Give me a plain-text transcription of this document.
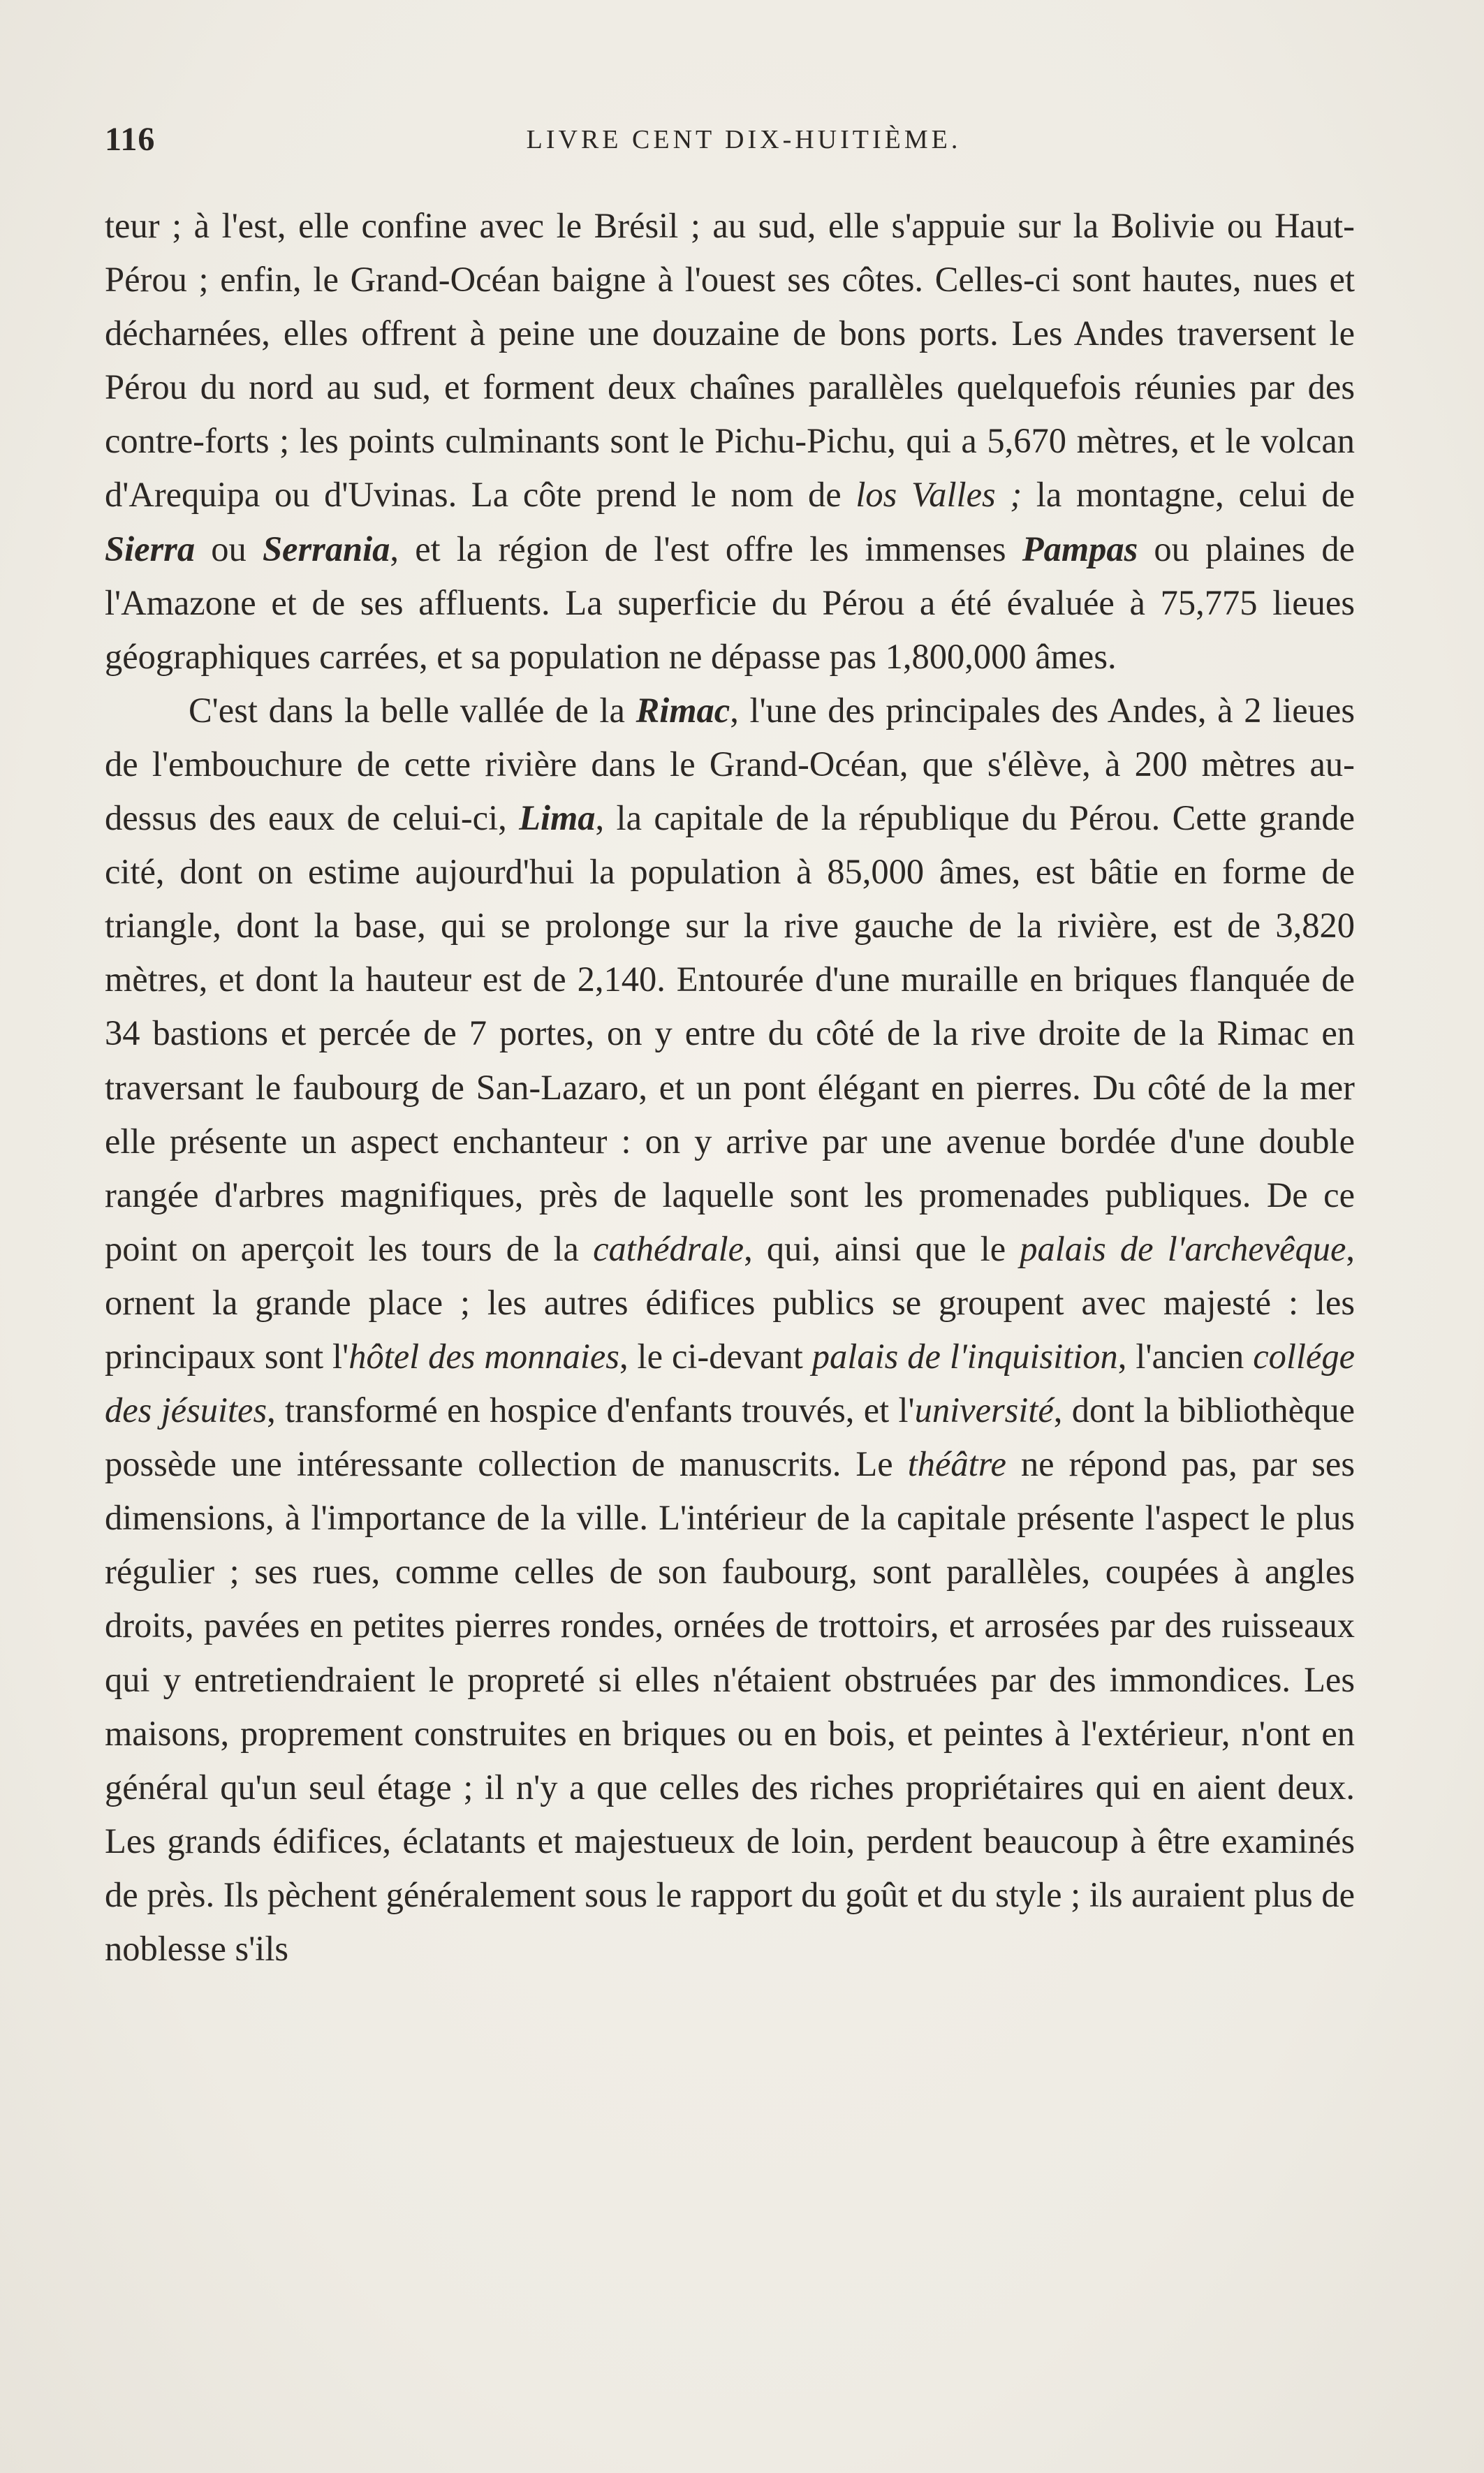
116	LIVRE CENT DIX-HUITIÈME.

teur ; à l'est, elle confine avec le Brésil ; au sud, elle s'appuie sur la Bolivie ou Haut-Pérou ; enfin, le Grand-Océan baigne à l'ouest ses côtes. Celles-ci sont hautes, nues et décharnées, elles offrent à peine une douzaine de bons ports. Les Andes traversent le Pérou du nord au sud, et forment deux chaînes parallèles quelquefois réunies par des contre-forts ; les points culminants sont le Pichu-Pichu, qui a 5,670 mètres, et le volcan d'Arequipa ou d'Uvinas. La côte prend le nom de los Valles ; la montagne, celui de Sierra ou Serrania, et la région de l'est offre les immenses Pampas ou plaines de l'Amazone et de ses affluents. La superficie du Pérou a été évaluée à 75,775 lieues géographiques carrées, et sa population ne dépasse pas 1,800,000 âmes.

C'est dans la belle vallée de la Rimac, l'une des principales des Andes, à 2 lieues de l'embouchure de cette rivière dans le Grand-Océan, que s'élève, à 200 mètres au-dessus des eaux de celui-ci, Lima, la capitale de la république du Pérou. Cette grande cité, dont on estime aujourd'hui la population à 85,000 âmes, est bâtie en forme de triangle, dont la base, qui se prolonge sur la rive gauche de la rivière, est de 3,820 mètres, et dont la hauteur est de 2,140. Entourée d'une muraille en briques flanquée de 34 bastions et percée de 7 portes, on y entre du côté de la rive droite de la Rimac en traversant le faubourg de San-Lazaro, et un pont élégant en pierres. Du côté de la mer elle présente un aspect enchanteur : on y arrive par une avenue bordée d'une double rangée d'arbres magnifiques, près de laquelle sont les promenades publiques. De ce point on aperçoit les tours de la cathédrale, qui, ainsi que le palais de l'archevêque, ornent la grande place ; les autres édifices publics se groupent avec majesté : les principaux sont l'hôtel des monnaies, le ci-devant palais de l'inquisition, l'ancien collége des jésuites, transformé en hospice d'enfants trouvés, et l'université, dont la bibliothèque possède une intéressante collection de manuscrits. Le théâtre ne répond pas, par ses dimensions, à l'importance de la ville. L'intérieur de la capitale présente l'aspect le plus régulier ; ses rues, comme celles de son faubourg, sont parallèles, coupées à angles droits, pavées en petites pierres rondes, ornées de trottoirs, et arrosées par des ruisseaux qui y entretiendraient le propreté si elles n'étaient obstruées par des immondices. Les maisons, proprement construites en briques ou en bois, et peintes à l'extérieur, n'ont en général qu'un seul étage ; il n'y a que celles des riches propriétaires qui en aient deux. Les grands édifices, éclatants et majestueux de loin, perdent beaucoup à être examinés de près. Ils pèchent généralement sous le rapport du goût et du style ; ils auraient plus de noblesse s'ils
